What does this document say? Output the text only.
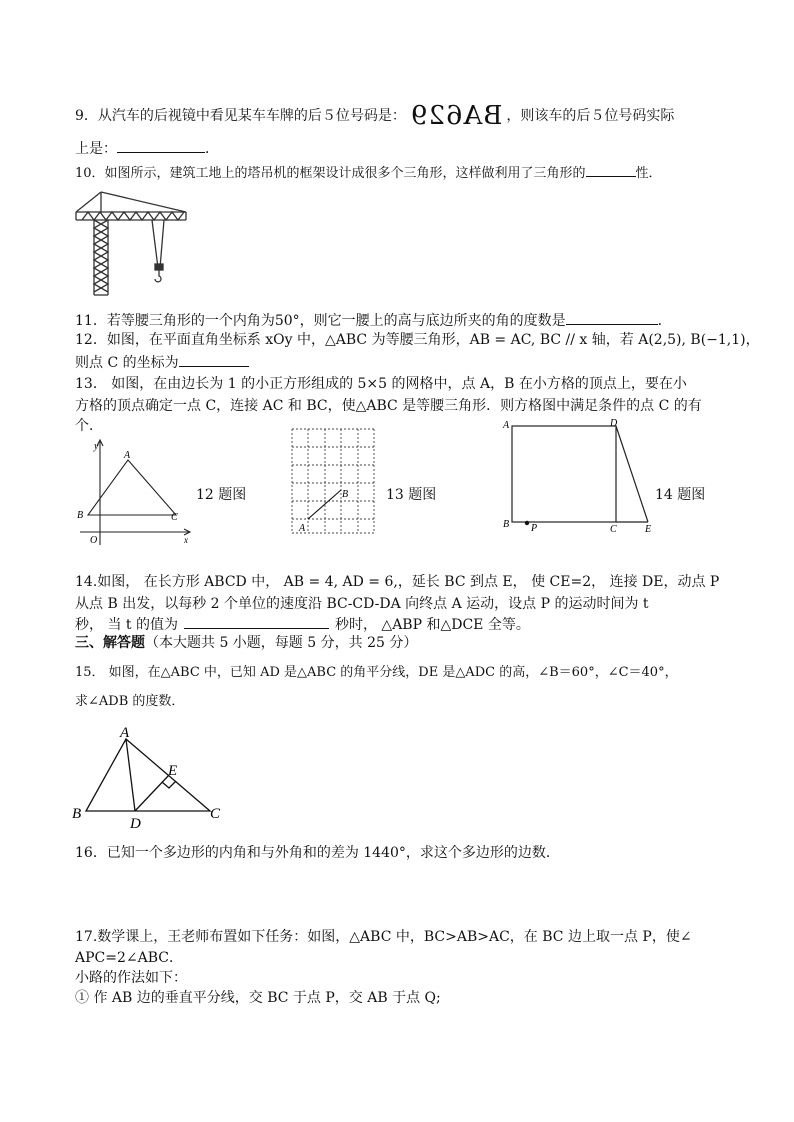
9．从汽车的后视镜中看见某车车牌的后５位号码是： BA629 ，则该车的后５位号码实际
上是：	．
10．如图所示，建筑工地上的塔吊机的框架设计成很多个三角形，这样做利用了三角形的	性．
11．若等腰三角形的一个内角为50°，则它一腰上的高与底边所夹的角的度数是	．
12．如图，在平面直角坐标系 xOy 中，△ABC 为等腰三角形，AB = AC, BC // x 轴，若 A(2,5), B(−1,1)，
则点 C 的坐标为
13． 如图，在由边长为 1 的小正方形组成的 5×5 的网格中，点 A，B 在小方格的顶点上，要在小
方格的顶点确定一点 C，连接 AC 和 BC，使△ABC 是等腰三角形．则方格图中满足条件的点 C 的有
个．
y
x
O
A
B	C
12 题图
A
B	13 题图
A	D
B P	C	E
14 题图
14.如图， 在长方形 ABCD 中， AB = 4, AD = 6,，延长 BC 到点 E， 使 CE=2， 连接 DE，动点 P
从点 B 出发，以每秒 2 个单位的速度沿 BC-CD-DA 向终点 A 运动，设点 P 的运动时间为 t
秒， 当 t 的值为	秒时， △ABP 和△DCE 全等。
三、解答题（本大题共 5 小题，每题 5 分，共 25 分）
15． 如图，在△ABC 中，已知 AD 是△ABC 的角平分线，DE 是△ADC 的高，∠B＝60°，∠C＝40°，
求∠ADB 的度数．
A
B	C
D
E
16．已知一个多边形的内角和与外角和的差为 1440°，求这个多边形的边数．
17.数学课上，王老师布置如下任务：如图，△ABC 中，BC>AB>AC，在 BC 边上取一点 P，使∠
APC=2∠ABC．
小路的作法如下：
① 作 AB 边的垂直平分线，交 BC 于点 P，交 AB 于点 Q;
